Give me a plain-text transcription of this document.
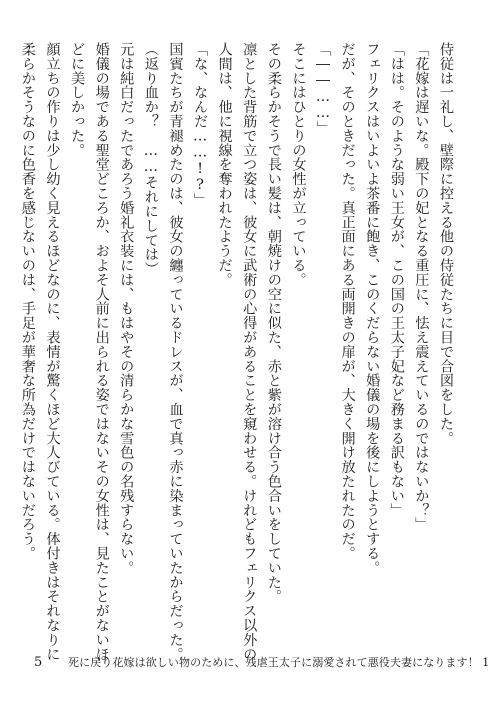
侍従は一礼し、壁際に控える他の侍従たちに目で合図をした。

「花嫁は遅いな。殿下の妃となる重圧に、怯え震えているのではないか？」

「はは。そのような弱い王女が、この国の王太子妃など務まる訳もない」

フェリクスはいよいよ茶番に飽き、このくだらない婚儀の場を後にしようとする。

だが、そのときだった。真正面にある両開きの扉が、大きく開け放たれたのだ。

「――……」

そこにはひとりの女性が立っている。

その柔らかそうで長い髪は、朝焼けの空に似た、赤と紫が溶け合う色合いをしていた。

凛とした背筋で立つ姿は、彼女に武術の心得があることを窺わせる。けれどもフェリクス以外の

人間は、他に視線を奪われたようだ。

「な、なんだ……!?」

国賓たちが青褪めたのは、彼女の纏っているドレスが、血で真っ赤に染まっていたからだった。

（返り血か？　……それにしては）

元は純白だったであろう婚礼衣装には、もはやその清らかな雪色の名残すらない。

婚儀の場である聖堂どころか、およそ人前に出られる姿ではないその女性は、見たことがないほ

どに美しかった。

顔立ちの作りは少し幼く見えるほどなのに、表情が驚くほど大人びている。体付きはそれなりに

柔らかそうなのに色香を感じないのは、手足が華奢な所為だけではないだろう。

5 死に戻り花嫁は欲しい物のために、残虐王太子に溺愛されて悪役夫妻になります！ 1
